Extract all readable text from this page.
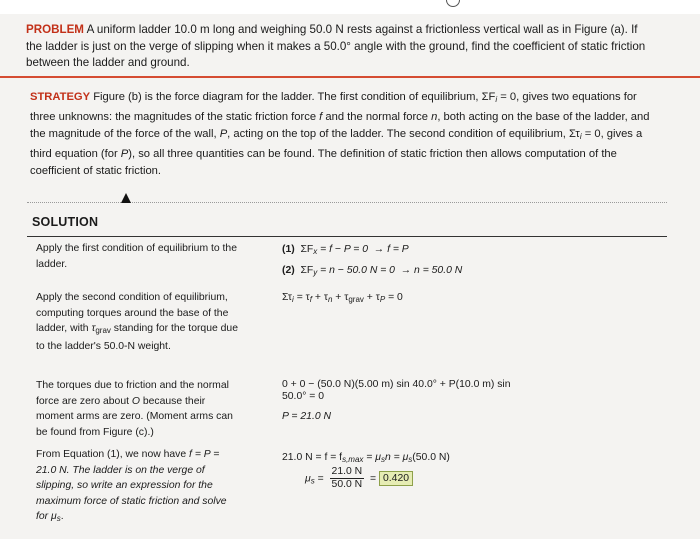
PROBLEM A uniform ladder 10.0 m long and weighing 50.0 N rests against a frictionless vertical wall as in Figure (a). If the ladder is just on the verge of slipping when it makes a 50.0° angle with the ground, find the coefficient of static friction between the ladder and ground.
STRATEGY Figure (b) is the force diagram for the ladder. The first condition of equilibrium, $\Sigma F_i = 0$, gives two equations for three unknowns: the magnitudes of the static friction force f and the normal force n, both acting on the base of the ladder, and the magnitude of the force of the wall, P, acting on the top of the ladder. The second condition of equilibrium, $\Sigma\tau_i = 0$, gives a third equation (for P), so all three quantities can be found. The definition of static friction then allows computation of the coefficient of static friction.
SOLUTION
Apply the first condition of equilibrium to the ladder.
(1) $\Sigma F_x = f - P = 0 \to f = P$
(2) $\Sigma F_y = n - 50.0$ N = 0  → n = 50.0 N
Apply the second condition of equilibrium, computing torques around the base of the ladder, with $\tau_{grav}$ standing for the torque due to the ladder's 50.0-N weight.
$\Sigma\tau_i = \tau_f + \tau_n + \tau_{grav} + \tau_P = 0$
The torques due to friction and the normal force are zero about O because their moment arms are zero. (Moment arms can be found from Figure (c).)
0 + 0 − (50.0 N)(5.00 m) sin 40.0° + P(10.0 m) sin
50.0° = 0
P = 21.0 N
From Equation (1), we now have f = P = 21.0 N. The ladder is on the verge of slipping, so write an expression for the maximum force of static friction and solve for $\mu_s$.
21.0 $N = f = f_{s,max} = \mu_sn = \mu_s(50.0$ N)
$\mu_s = \frac{21.0 N}{50.0 N} = 0.420$
